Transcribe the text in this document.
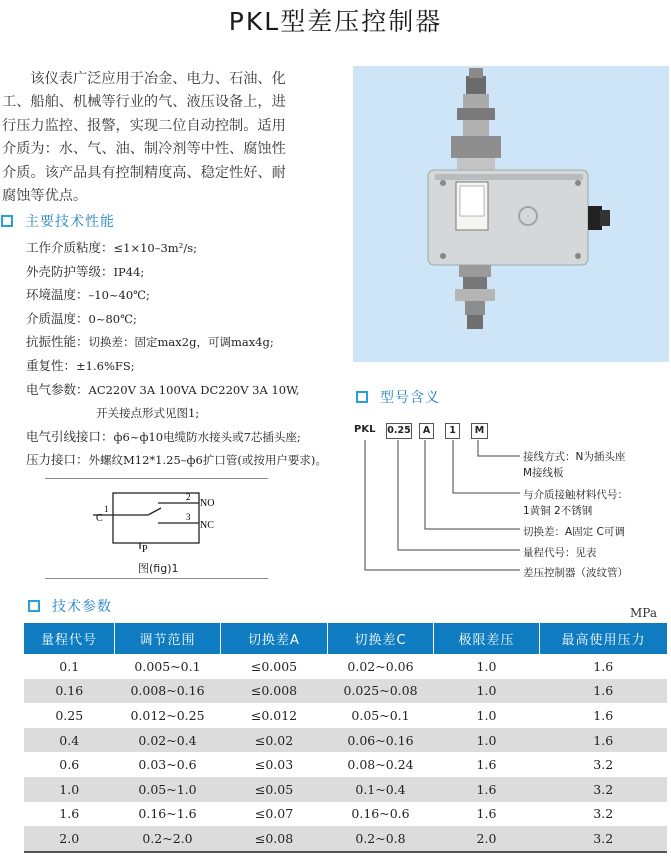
PKL型差压控制器

　　该仪表广泛应用于冶金、电力、石油、化

工、船舶、机械等行业的气、液压设备上，进

行压力监控、报警，实现二位自动控制。适用

介质为：水、气、油、制冷剂等中性、腐蚀性

介质。该产品具有控制精度高、稳定性好、耐

腐蚀等优点。

主要技术性能
工作介质粘度：≤1×10–3m²/s;
外壳防护等级：IP44;
环境温度：–10~40℃;
介质温度：0~80℃;
抗振性能：切换差：固定max2g，可调max4g;
重复性：±1.6%FS;
电气参数：AC220V 3A 100VA DC220V 3A 10W,
开关接点形式见图1;
电气引线接口：ф6~ф10电缆防水接头或7芯插头座;
压力接口：外螺纹M12*1.25–ф6扩口管(或按用户要求)。
C
1
2
3
NO
NC
P
图(fig)1
型号含义
PKL 0.25	A	1	M
接线方式：N为插头座
M接线板
与介质接触材料代号：
1黄铜 2不锈钢
切换差：A固定 C可调
量程代号：见表
差压控制器（波纹管）
技术参数	MPa
量程代号	调节范围	切换差A	切换差C	极限差压	最高使用压力
0.1	0.005~0.1	≤0.005	0.02~0.06	1.0	1.6
0.16	0.008~0.16	≤0.008	0.025~0.08	1.0	1.6
0.25	0.012~0.25	≤0.012	0.05~0.1	1.0	1.6
0.4	0.02~0.4	≤0.02	0.06~0.16	1.0	1.6
0.6	0.03~0.6	≤0.03	0.08~0.24	1.6	3.2
1.0	0.05~1.0	≤0.05	0.1~0.4	1.6	3.2
1.6	0.16~1.6	≤0.07	0.16~0.6	1.6	3.2
2.0	0.2~2.0	≤0.08	0.2~0.8	2.0	3.2
